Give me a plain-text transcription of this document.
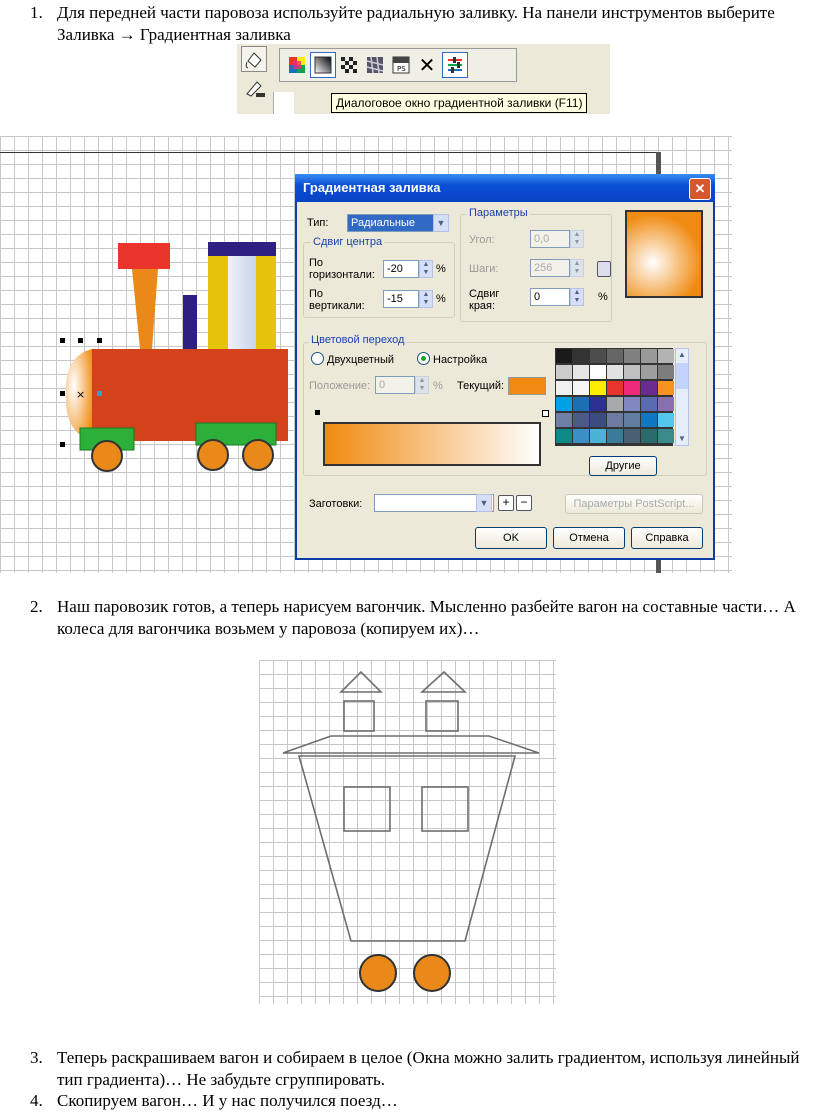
1. Для передней части паровоза используйте радиальную заливку. На панели инструментов выберите Заливка → Градиентная заливка
PS ✕
Диалоговое окно градиентной заливки (F11)
×
Градиентная заливка	✕
Тип:	Радиальные	▼
Сдвиг центра
По
горизонтали:	-20	▲
▼ %
По
вертикали:
-15	▲
▼ %
Параметры
Угол:	0,0	▲
▼
Шаги:	256	▲
▼
Сдвиг
края:
0	▲
▼	%
Цветовой переход
Двухцветный	Настройка
Положение: 0	▲
▼ % Текущий:
▲
▼
Другие
Заготовки:	▼	+ −	Параметры PostScript...
OK	Отмена	Справка
2. Наш паровозик готов, а теперь нарисуем вагончик. Мысленно разбейте вагон на составные части… А колеса для вагончика возьмем у паровоза (копируем их)…
3. Теперь раскрашиваем вагон и собираем в целое (Окна можно залить градиентом, используя линейный тип градиента)… Не забудьте сгруппировать.
4. Скопируем вагон… И у нас получился поезд…
